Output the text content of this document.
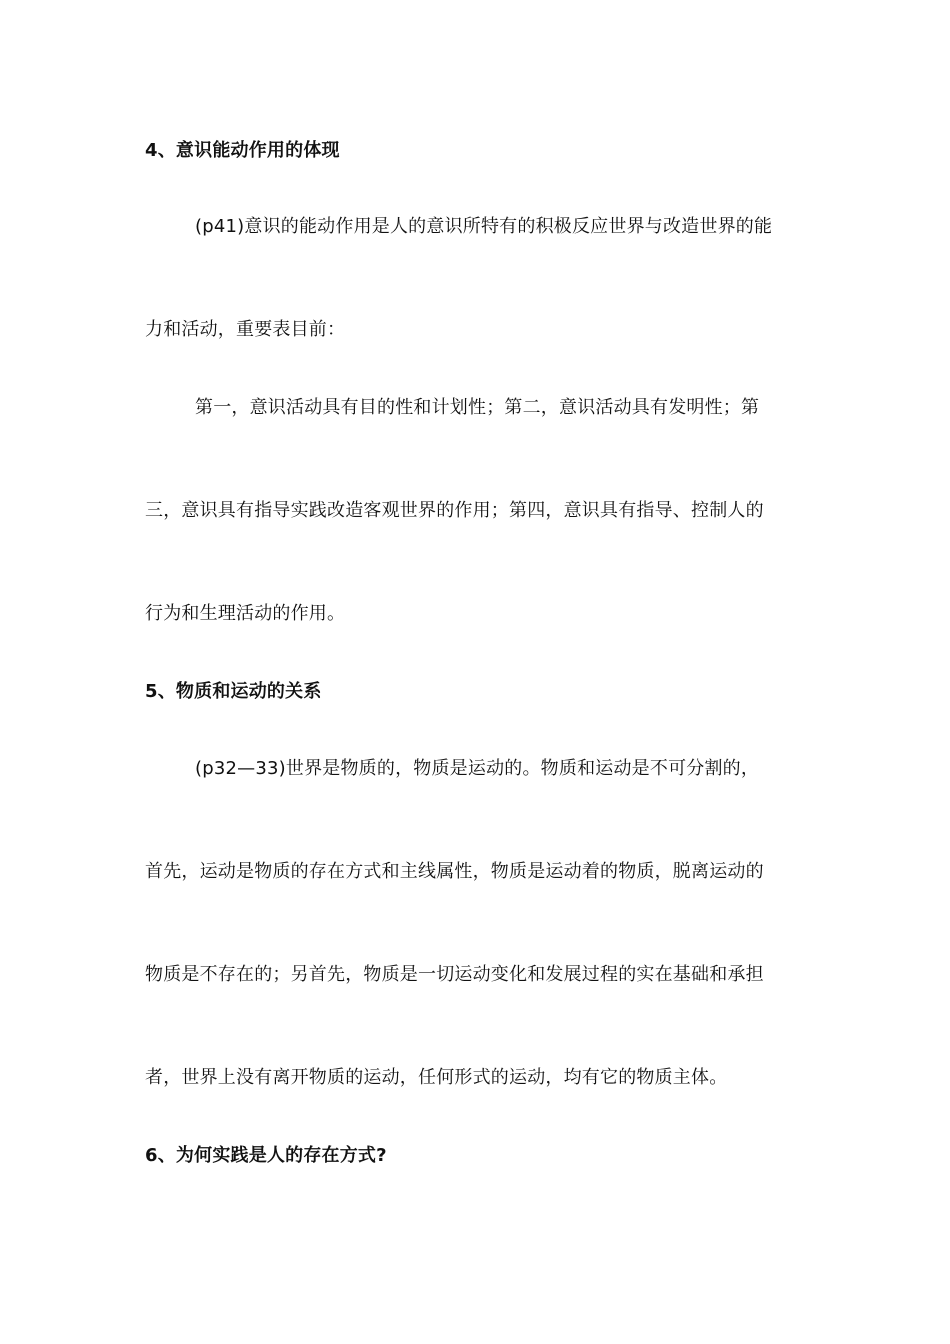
4、意识能动作用的体现
(p41)意识的能动作用是人的意识所特有的积极反应世界与改造世界的能
力和活动，重要表目前：
第一，意识活动具有目的性和计划性；第二，意识活动具有发明性；第
三，意识具有指导实践改造客观世界的作用；第四，意识具有指导、控制人的
行为和生理活动的作用。
5、物质和运动的关系
(p32—33)世界是物质的，物质是运动的。物质和运动是不可分割的，
首先，运动是物质的存在方式和主线属性，物质是运动着的物质，脱离运动的
物质是不存在的；另首先，物质是一切运动变化和发展过程的实在基础和承担
者，世界上没有离开物质的运动，任何形式的运动，均有它的物质主体。
6、为何实践是人的存在方式?
